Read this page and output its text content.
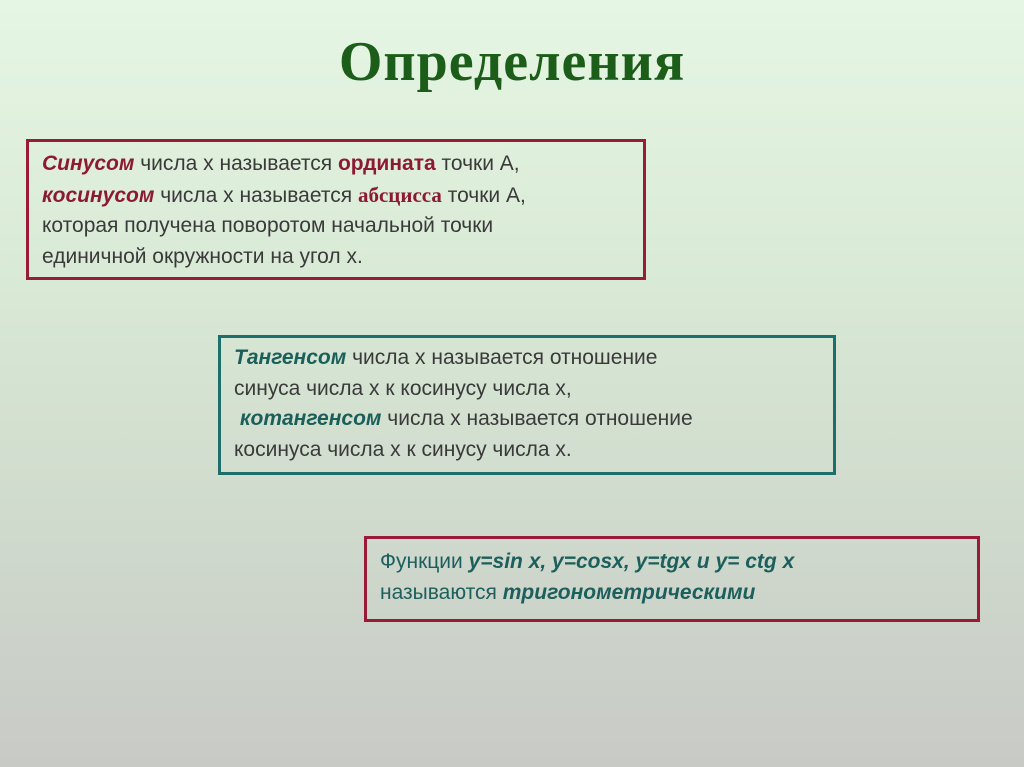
Определения
Синусом числа x называется ордината точки A,
косинусом числа x называется абсцисса точки A,
которая получена поворотом начальной точки
единичной окружности на угол x.
Тангенсом числа x называется отношение
синуса числа x к косинусу числа x,
котангенсом числа x называется отношение
косинуса числа x к синусу числа x.
Функции y=sin x, y=cosx, y=tgx и y= ctg x
называются тригонометрическими
